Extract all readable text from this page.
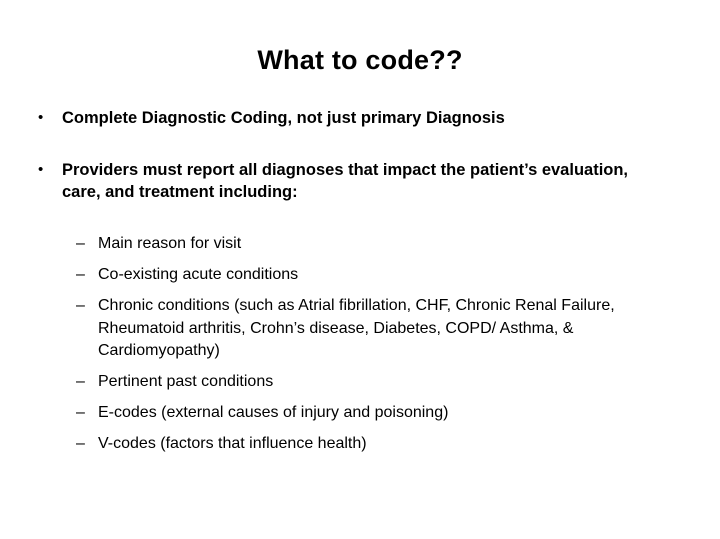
What to code??
•	Complete Diagnostic Coding, not just primary Diagnosis
•	Providers must report all diagnoses that impact the patient’s evaluation, care, and treatment including:
– Main reason for visit
– Co-existing acute conditions
– Chronic conditions (such as Atrial fibrillation, CHF, Chronic Renal Failure, Rheumatoid arthritis, Crohn’s disease, Diabetes, COPD/ Asthma, & Cardiomyopathy)
– Pertinent past conditions
– E-codes (external causes of injury and poisoning)
– V-codes (factors that influence health)
